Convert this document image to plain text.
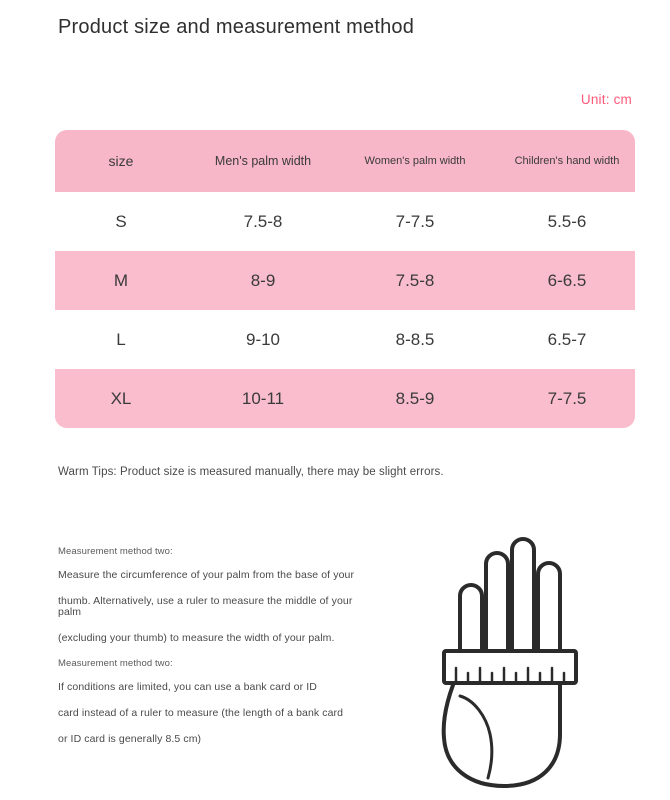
Product size and measurement method
Unit: cm
size	Men's palm width	Women's palm width	Children's hand width
S	7.5-8	7-7.5	5.5-6
M	8-9	7.5-8	6-6.5
L	9-10	8-8.5	6.5-7
XL	10-11	8.5-9	7-7.5
Warm Tips: Product size is measured manually, there may be slight errors.
Measurement method two:

Measure the circumference of your palm from the base of your

thumb. Alternatively, use a ruler to measure the middle of your palm

(excluding your thumb) to measure the width of your palm.

Measurement method two:

If conditions are limited, you can use a bank card or ID

card instead of a ruler to measure (the length of a bank card

or ID card is generally 8.5 cm)
